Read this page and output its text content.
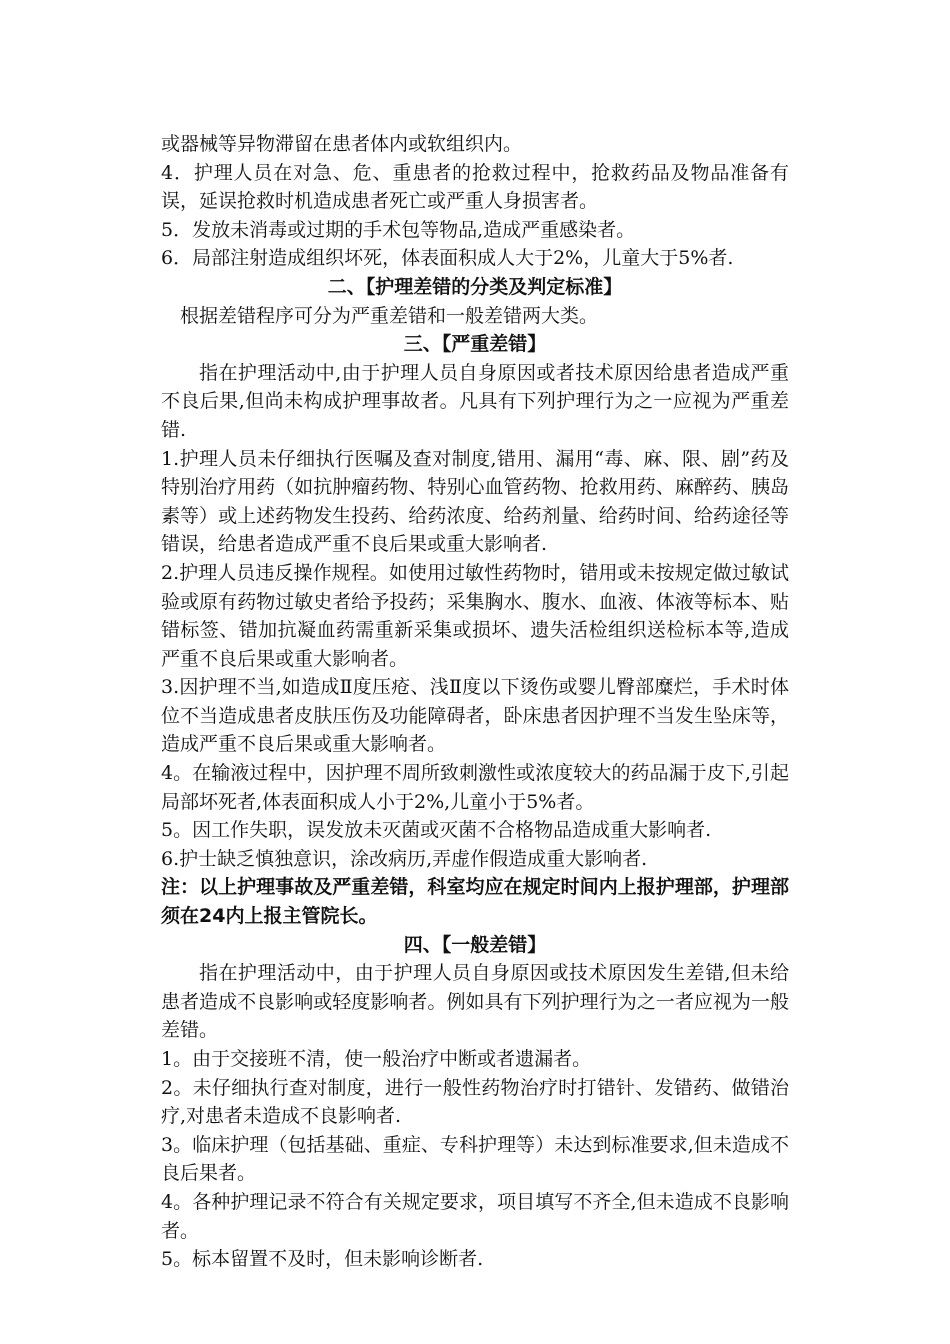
或器械等异物滞留在患者体内或软组织内。

4．护理人员在对急、危、重患者的抢救过程中，抢救药品及物品准备有误，延误抢救时机造成患者死亡或严重人身损害者。

5．发放未消毒或过期的手术包等物品,造成严重感染者。

6．局部注射造成组织坏死，体表面积成人大于2%，儿童大于5%者.

二、【护理差错的分类及判定标准】

根据差错程序可分为严重差错和一般差错两大类。

三、【严重差错】

指在护理活动中,由于护理人员自身原因或者技术原因给患者造成严重不良后果,但尚未构成护理事故者。凡具有下列护理行为之一应视为严重差错.

1.护理人员未仔细执行医嘱及查对制度,错用、漏用“毒、麻、限、剧”药及特别治疗用药（如抗肿瘤药物、特别心血管药物、抢救用药、麻醉药、胰岛素等）或上述药物发生投药、给药浓度、给药剂量、给药时间、给药途径等错误，给患者造成严重不良后果或重大影响者.

2.护理人员违反操作规程。如使用过敏性药物时，错用或未按规定做过敏试验或原有药物过敏史者给予投药；采集胸水、腹水、血液、体液等标本、贴错标签、错加抗凝血药需重新采集或损坏、遗失活检组织送检标本等,造成严重不良后果或重大影响者。

3.因护理不当,如造成Ⅱ度压疮、浅Ⅱ度以下烫伤或婴儿臀部糜烂，手术时体位不当造成患者皮肤压伤及功能障碍者，卧床患者因护理不当发生坠床等，造成严重不良后果或重大影响者。

4。在输液过程中，因护理不周所致刺激性或浓度较大的药品漏于皮下,引起局部坏死者,体表面积成人小于2%,儿童小于5%者。

5。因工作失职，误发放未灭菌或灭菌不合格物品造成重大影响者.

6.护士缺乏慎独意识，涂改病历,弄虚作假造成重大影响者.

注：以上护理事故及严重差错，科室均应在规定时间内上报护理部，护理部须在24内上报主管院长。

四、【一般差错】

指在护理活动中，由于护理人员自身原因或技术原因发生差错,但未给患者造成不良影响或轻度影响者。例如具有下列护理行为之一者应视为一般差错。

1。由于交接班不清，使一般治疗中断或者遗漏者。

2。未仔细执行查对制度，进行一般性药物治疗时打错针、发错药、做错治疗,对患者未造成不良影响者.

3。临床护理（包括基础、重症、专科护理等）未达到标准要求,但未造成不良后果者。

4。各种护理记录不符合有关规定要求，项目填写不齐全,但未造成不良影响者。

5。标本留置不及时，但未影响诊断者.
